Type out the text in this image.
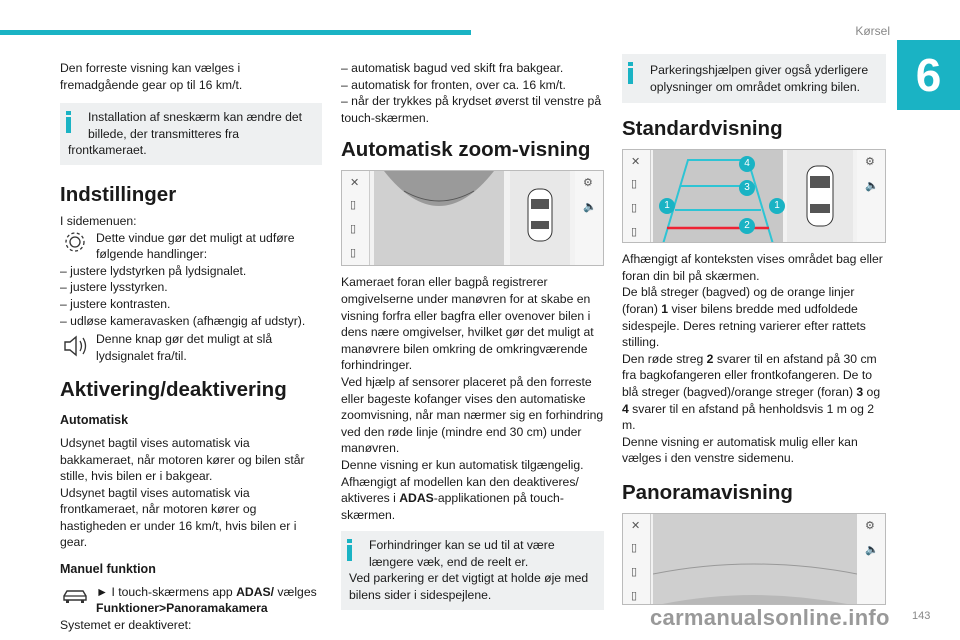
Kørsel
6

Den forreste visning kan vælges i fremadgående gear op til 16 km/t.

Installation af sneskærm kan ændre det billede, der transmitteres fra
frontkameraet.
Indstillinger

I sidemenuen:

Dette vindue gør det muligt at udføre følgende handlinger:

– justere lydstyrken på lydsignalet.

– justere lysstyrken.

– justere kontrasten.

– udløse kameravasken (afhængig af udstyr).

Denne knap gør det muligt at slå lydsignalet fra/til.

Aktivering/deaktivering
Automatisk

Udsynet bagtil vises automatisk via bakkameraet, når motoren kører og bilen står stille, hvis bilen er i bakgear.

Udsynet bagtil vises automatisk via frontkameraet, når motoren kører og hastigheden er under 16 km/t, hvis bilen er i gear.

Manuel funktion

► I touch-skærmens app ADAS/ vælges Funktioner>Panoramakamera

Systemet er deaktiveret:

– automatisk bagud ved skift fra bakgear.

– automatisk for fronten, over ca. 16 km/t.

– når der trykkes på krydset øverst til venstre på touch-skærmen.

Automatisk zoom-visning
✕
▯
▯
▯
⚙
🔈

Kameraet foran eller bagpå registrerer omgivelserne under manøvren for at skabe en visning forfra eller bagfra eller ovenover bilen i dens nære omgivelser, hvilket gør det muligt at manøvrere bilen omkring de omkringværende forhindringer.

Ved hjælp af sensorer placeret på den forreste eller bageste kofanger vises den automatiske zoomvisning, når man nærmer sig en forhindring ved den røde linje (mindre end 30 cm) under manøvren.

Denne visning er kun automatisk tilgængelig.

Afhængigt af modellen kan den deaktiveres/ aktiveres i ADAS-applikationen på touch-skærmen.

Forhindringer kan se ud til at være længere væk, end de reelt er.
Ved parkering er det vigtigt at holde øje med bilens sider i sidespejlene.
Parkeringshjælpen giver også yderligere oplysninger om området omkring bilen.
Standardvisning
✕
▯
▯
▯
4
3
1
2
1
⚙
🔈

Afhængigt af konteksten vises området bag eller foran din bil på skærmen.

De blå streger (bagved) og de orange linjer (foran) 1 viser bilens bredde med udfoldede sidespejle. Deres retning varierer efter rattets stilling.

Den røde streg 2 svarer til en afstand på 30 cm fra bagkofangeren eller frontkofangeren. De to blå streger (bagved)/orange streger (foran) 3 og 4 svarer til en afstand på henholdsvis 1 m og 2 m.

Denne visning er automatisk mulig eller kan vælges i den venstre sidemenu.

Panoramavisning
✕
▯
▯
▯
⚙
🔈
carmanualsonline.info 143
